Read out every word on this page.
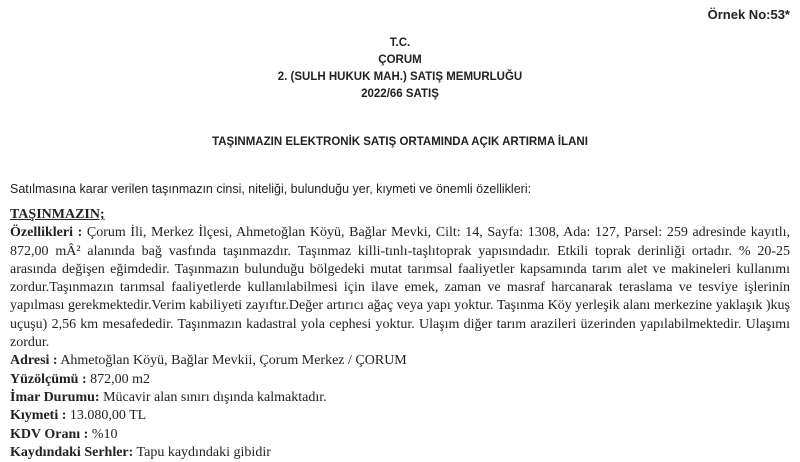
Örnek No:53*
T.C.
ÇORUM
2. (SULH HUKUK MAH.) SATIŞ MEMURLUĞU
2022/66 SATIŞ
TAŞINMAZIN ELEKTRONİK SATIŞ ORTAMINDA AÇIK ARTIRMA İLANI
Satılmasına karar verilen taşınmazın cinsi, niteliği, bulunduğu yer, kıymeti ve önemli özellikleri:
TAŞINMAZIN;
Özellikleri : Çorum İli, Merkez İlçesi, Ahmetoğlan Köyü, Bağlar Mevki, Cilt: 14, Sayfa: 1308, Ada: 127, Parsel: 259 adresinde kayıtlı, 872,00 mÂ² alanında bağ vasfında taşınmazdır. Taşınmaz killi-tınlı-taşlıtoprak yapısındadır. Etkili toprak derinliği ortadır. % 20-25 arasında değişen eğimdedir. Taşınmazın bulunduğu bölgedeki mutat tarımsal faaliyetler kapsamında tarım alet ve makineleri kullanımı zordur.Taşınmazın tarımsal faaliyetlerde kullanılabilmesi için ilave emek, zaman ve masraf harcanarak teraslama ve tesviye işlerinin yapılması gerekmektedir.Verim kabiliyeti zayıftır.Değer artırıcı ağaç veya yapı yoktur. Taşınma Köy yerleşik alanı merkezine yaklaşık )kuş uçuşu) 2,56 km mesafededir. Taşınmazın kadastral yola cephesi yoktur. Ulaşım diğer tarım arazileri üzerinden yapılabilmektedir. Ulaşımı zordur.
Adresi : Ahmetoğlan Köyü, Bağlar Mevkii, Çorum Merkez / ÇORUM
Yüzölçümü : 872,00 m2
İmar Durumu: Mücavir alan sınırı dışında kalmaktadır.
Kıymeti : 13.080,00 TL
KDV Oranı : %10
Kaydındaki Serhler: Tapu kaydındaki gibidir
